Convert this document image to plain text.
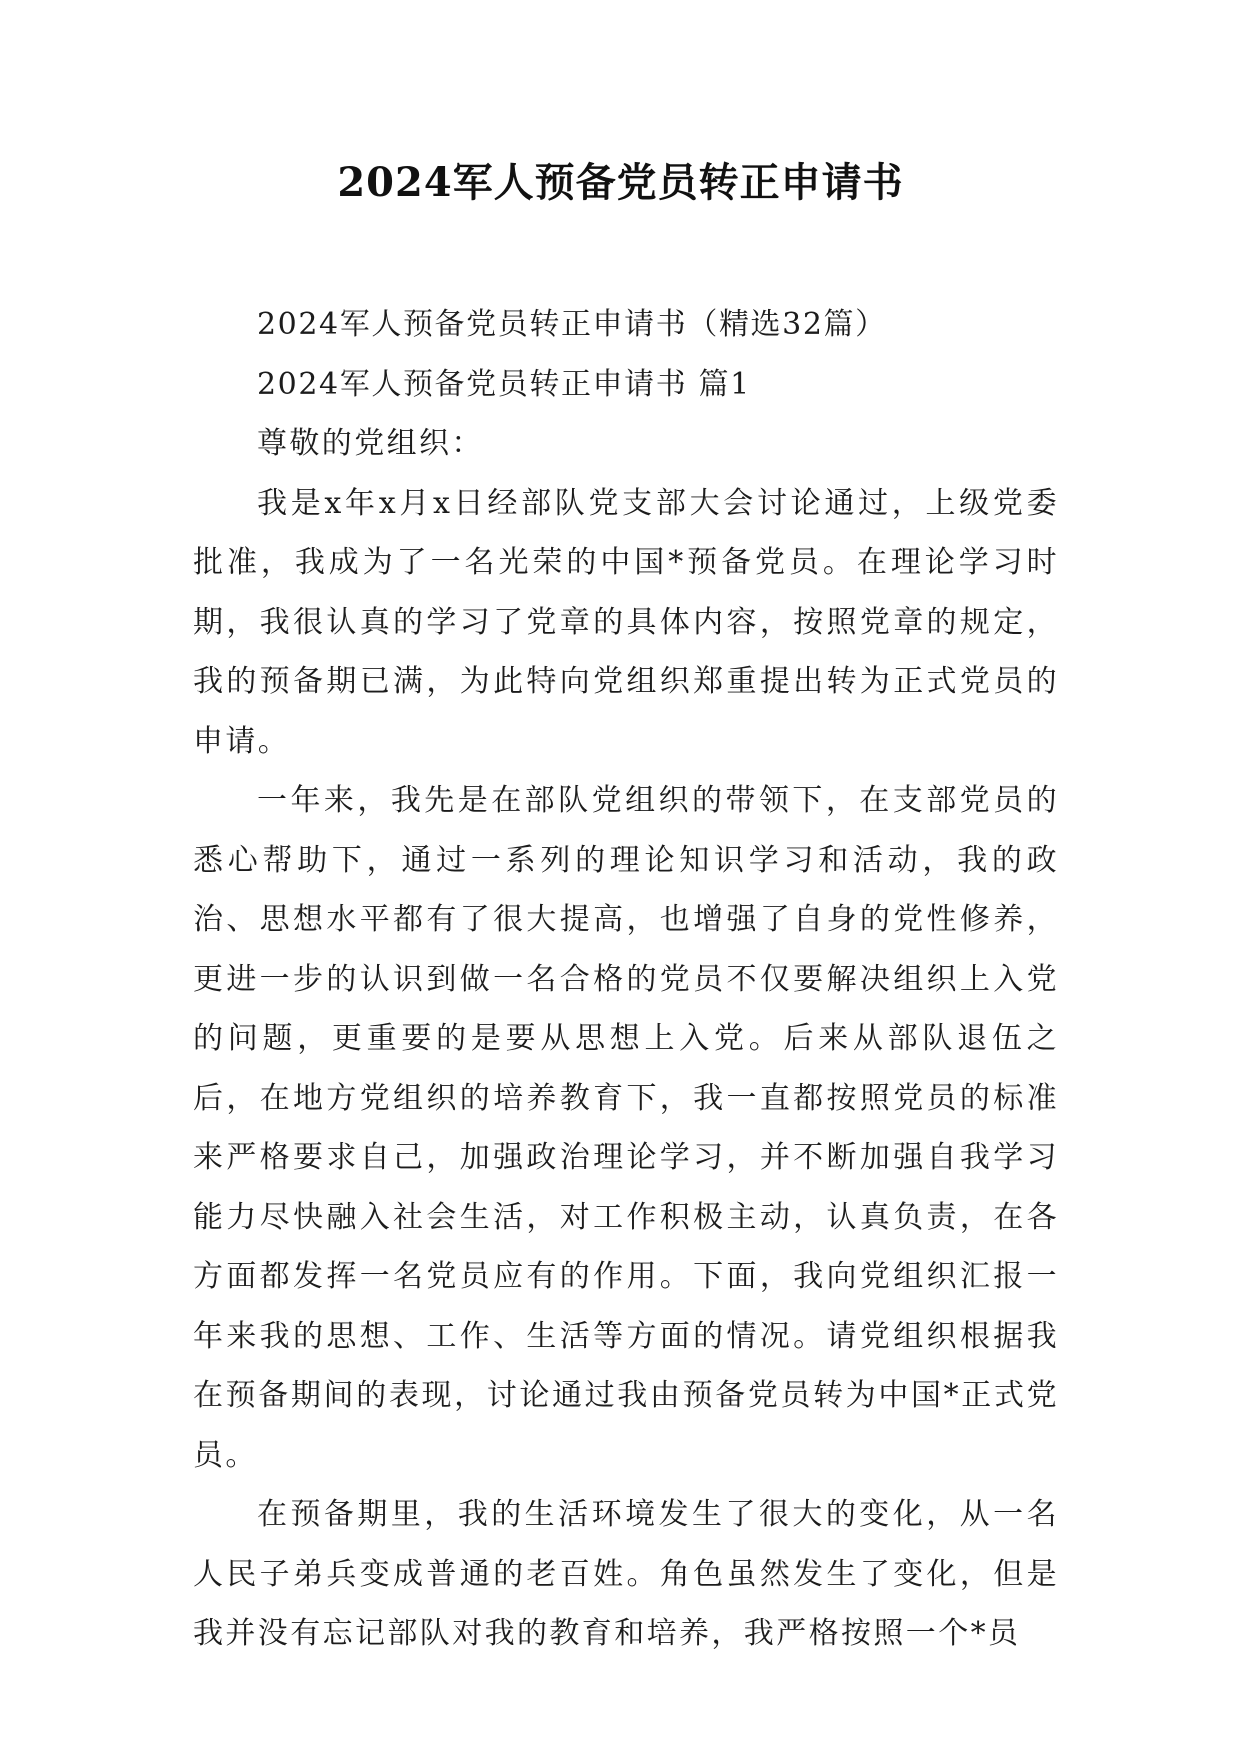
2024军人预备党员转正申请书

2024军人预备党员转正申请书（精选32篇）

2024军人预备党员转正申请书 篇1

尊敬的党组织：

我是x年x月x日经部队党支部大会讨论通过，上级党委批准，我成为了一名光荣的中国*预备党员。在理论学习时期，我很认真的学习了党章的具体内容，按照党章的规定，我的预备期已满，为此特向党组织郑重提出转为正式党员的申请。

一年来，我先是在部队党组织的带领下，在支部党员的悉心帮助下，通过一系列的理论知识学习和活动，我的政治、思想水平都有了很大提高，也增强了自身的党性修养，更进一步的认识到做一名合格的党员不仅要解决组织上入党的问题，更重要的是要从思想上入党。后来从部队退伍之后，在地方党组织的培养教育下，我一直都按照党员的标准来严格要求自己，加强政治理论学习，并不断加强自我学习能力尽快融入社会生活，对工作积极主动，认真负责，在各方面都发挥一名党员应有的作用。下面，我向党组织汇报一年来我的思想、工作、生活等方面的情况。请党组织根据我在预备期间的表现，讨论通过我由预备党员转为中国*正式党员。

在预备期里，我的生活环境发生了很大的变化，从一名人民子弟兵变成普通的老百姓。角色虽然发生了变化，但是我并没有忘记部队对我的教育和培养，我严格按照一个*员
